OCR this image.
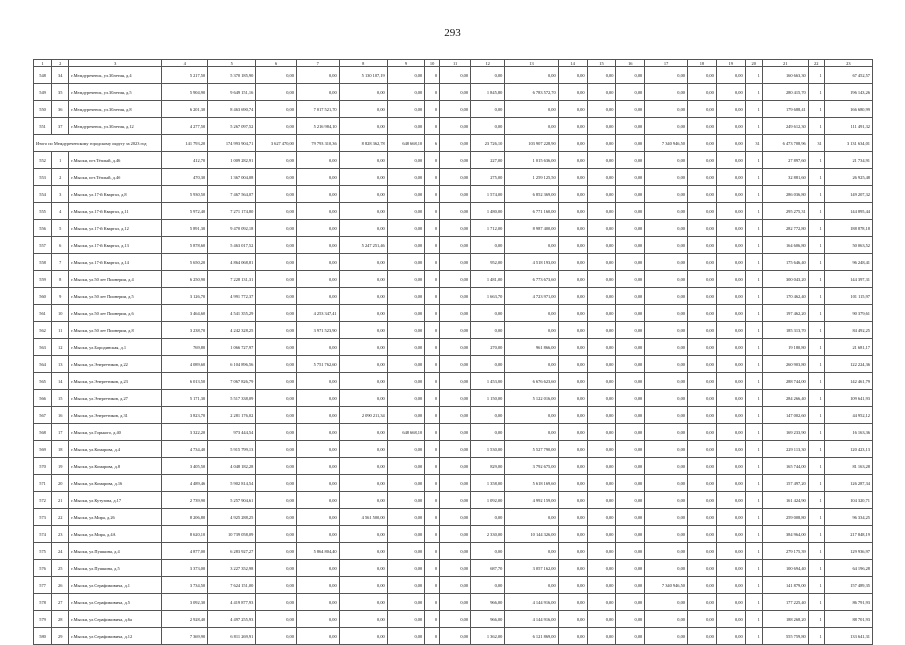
293
1	2	3	4	5	6	7	8	9	10	11	12	13	14	15	16	17	18	19	20	21	22	23
548	34	г.Междуреченск, ул.30летия, д.4	5 217,50	5 370 185,90	0,00	0,00	5 130 107,19	0,00	0	0,00	0,00	0,00	0,00	0,00	0,00	0,00	0,00	0,00	1	160 663,30	1	67 452,57
549	35	г.Междуреченск, ул.30летия, д.5	5 904,90	9 649 151,16	0,00	0,00	0,00	0,00	0	0,00	1 845,80	6 783 572,70	0,00	0,00	0,00	0,00	0,00	0,00	1	280 415,70	1	196 143,26
550	36	г.Междуреченск, ул.30летия, д.8	6 201,30	8 463 690,74	0,00	7 017 521,70	0,00	0,00	0	0,00	0,00	0,00	0,00	0,00	0,00	0,00	0,00	0,00	1	179 688,41	1	166 680,99
551	37	г.Междуреченск, ул.30летия, д.12	4 277,50	5 267 097,52	0,00	5 216 984,10	0,00	0,00	0	0,00	0,00	0,00	0,00	0,00	0,00	0,00	0,00	0,00	1	249 612,30	1	111 491,32
Итого по Междуреченскому городскому округу за 2023 год			141 793,20	174 993 904,71	3 627 470,00	79 793 310,36	8 828 362,78	648 668,10	6	0,00	23 726,10	103 907 228,90	0,00	0,00	0,00	7 340 946,50	0,00	0,00	31	6 473 708,96	31	3 131 634,01
552	1	г.Мыски, пгт.Тёплый, д.46	412,70	1 009 282,91	0,00	0,00	0,00	0,00	0	0,00	227,00	1 015 636,00	0,00	0,00	0,00	0,00	0,00	0,00	1	27 897,60	1	21 734,91
553	2	г.Мыски, пгт.Тёплый, д.4б	470,30	1 367 004,08	0,00	0,00	0,00	0,00	0	0,00	275,00	1 259 125,50	0,00	0,00	0,00	0,00	0,00	0,00	1	32 881,60	1	26 925,48
554	3	г.Мыски, ул.17-й Квартал, д.8	5 930,50	7 467 564,07	0,00	0,00	0,00	0,00	0	0,00	1 574,00	6 852 369,00	0,00	0,00	0,00	0,00	0,00	0,00	1	286 036,80	1	149 207,32
555	4	г.Мыски, ул.17-й Квартал, д.11	5 972,40	7 271 174,80	0,00	0,00	0,00	0,00	0	0,00	1 480,00	6 771 160,00	0,00	0,00	0,00	0,00	0,00	0,00	1	295 275,31	1	144 895,44
556	5	г.Мыски, ул.17-й Квартал, д.12	5 891,30	9 470 092,18	0,00	0,00	0,00	0,00	0	0,00	1 712,00	8 987 400,00	0,00	0,00	0,00	0,00	0,00	0,00	1	282 772,80	1	188 878,18
557	6	г.Мыски, ул.17-й Квартал, д.13	5 878,60	5 463 017,52	0,00	0,00	5 247 251,46	0,00	0	0,00	0,00	0,00	0,00	0,00	0,00	0,00	0,00	0,00	1	164 606,80	1	50 063,52
558	7	г.Мыски, ул.17-й Квартал, д.14	5 650,20	4 864 068,81	0,00	0,00	0,00	0,00	0	0,00	952,00	4 518 193,00	0,00	0,00	0,00	0,00	0,00	0,00	1	175 646,40	1	96 248,41
559	8	г.Мыски, ул.50 лет Пионерии, д.4	6 250,90	7 228 131,31	0,00	0,00	0,00	0,00	0	0,00	1 481,00	6 773 673,60	0,00	0,00	0,00	0,00	0,00	0,00	1	300 043,20	1	144 397,31
560	9	г.Мыски, ул.50 лет Пионерии, д.5	3 126,70	4 991 772,37	0,00	0,00	0,00	0,00	0	0,00	1 663,70	4 723 971,00	0,00	0,00	0,00	0,00	0,00	0,00	1	170 462,40	1	101 115,97
561	10	г.Мыски, ул.50 лет Пионерии, д.6	3 464,60	4 541 355,29	0,00	4 253 347,41	0,00	0,00	0	0,00	0,00	0,00	0,00	0,00	0,00	0,00	0,00	0,00	1	197 462,20	1	90 379,61
562	11	г.Мыски, ул.50 лет Пионерии, д.8	3 238,70	4 242 328,25	0,00	3 971 523,90	0,00	0,00	0	0,00	0,00	0,00	0,00	0,00	0,00	0,00	0,00	0,00	1	185 313,70	1	84 492,25
563	12	г.Мыски, ул.Бородинская, д.1	769,80	1 066 727,97	0,00	0,00	0,00	0,00	0	0,00	270,00	961 866,00	0,00	0,00	0,00	0,00	0,00	0,00	1	19 180,80	1	21 681,17
564	13	г.Мыски, ул.Энергетиков, д.22	4 089,60	6 104 896,56	0,00	5 751 762,60	0,00	0,00	0	0,00	0,00	0,00	0,00	0,00	0,00	0,00	0,00	0,00	1	260 903,80	1	122 224,36
565	14	г.Мыски, ул.Энергетиков, д.23	6 013,50	7 067 826,79	0,00	0,00	0,00	0,00	0	0,00	1 453,00	6 676 623,60	0,00	0,00	0,00	0,00	0,00	0,00	1	288 744,00	1	142 461,79
566	15	г.Мыски, ул.Энергетиков, д.27	5 171,30	5 517 338,09	0,00	0,00	0,00	0,00	0	0,00	1 150,00	5 122 016,00	0,00	0,00	0,00	0,00	0,00	0,00	1	284 266,40	1	109 641,93
567	16	г.Мыски, ул.Энергетиков, д.31	3 823,70	2 281 176,02	0,00	0,00	2 090 211,34	0,00	0	0,00	0,00	0,00	0,00	0,00	0,00	0,00	0,00	0,00	1	147 002,60	1	44 952,12
568	17	г.Мыски, ул.Горького, д.40	3 322,20	973 444,54	0,00	0,00	0,00	648 668,10	0	0,00	0,00	0,00	0,00	0,00	0,00	0,00	0,00	0,00	1	169 233,90	1	16 163,36
569	18	г.Мыски, ул.Комарова, д.4	4 734,40	5 915 799,13	0,00	0,00	0,00	0,00	0	0,00	1 530,00	5 527 790,00	0,00	0,00	0,00	0,00	0,00	0,00	1	229 113,30	1	120 423,13
570	19	г.Мыски, ул.Комарова, д.8	3 405,50	4 048 182,28	0,00	0,00	0,00	0,00	0	0,00	829,00	3 792 675,00	0,00	0,00	0,00	0,00	0,00	0,00	1	165 744,00	1	81 163,28
571	20	г.Мыски, ул.Комарова, д.16	4 489,46	5 902 814,54	0,00	0,00	0,00	0,00	0	0,00	1 358,00	5 618 169,60	0,00	0,00	0,00	0,00	0,00	0,00	1	157 497,20	1	126 287,34
572	21	г.Мыски, ул.Кутузова, д.17	2 739,90	5 257 904,61	0,00	0,00	0,00	0,00	0	0,00	1 092,00	4 992 159,00	0,00	0,00	0,00	0,00	0,00	0,00	1	161 424,90	1	104 320,71
573	22	г.Мыски, ул.Мира, д.26	8 206,80	4 925 288,25	0,00	0,00	4 561 500,00	0,00	0	0,00	0,00	0,00	0,00	0,00	0,00	0,00	0,00	0,00	1	259 008,80	1	96 334,25
574	23	г.Мыски, ул.Мира, д.4А	8 620,10	10 739 058,09	0,00	0,00	0,00	0,00	0	0,00	2 330,00	10 144 326,00	0,00	0,00	0,00	0,00	0,00	0,00	1	384 964,00	1	217 848,19
575	24	г.Мыски, ул.Пушкина, д.4	4 877,00	6 283 927,27	0,00	5 864 804,40	0,00	0,00	0	0,00	0,00	0,00	0,00	0,00	0,00	0,00	0,00	0,00	1	279 175,39	1	129 936,97
576	25	г.Мыски, ул.Пушкина, д.5	3 373,00	3 227 352,98	0,00	0,00	0,00	0,00	0	0,00	687,70	3 057 162,00	0,00	0,00	0,00	0,00	0,00	0,00	1	100 694,40	1	64 196,28
577	26	г.Мыски, ул.Серафимовича, д.1	3 734,50	7 624 151,00	0,00	0,00	0,00	0,00	0	0,00	0,00	0,00	0,00	0,00	0,00	7 340 946,50	0,00	0,00	1	141 879,00	1	157 489,35
578	27	г.Мыски, ул.Серафимовича, д.5	3 092,30	4 419 877,93	0,00	0,00	0,00	0,00	0	0,00	966,00	4 144 916,00	0,00	0,00	0,00	0,00	0,00	0,00	1	177 225,40	1	86 791,93
579	28	г.Мыски, ул.Серафимовича, д.6а	2 928,40	4 497 255,93	0,00	0,00	0,00	0,00	0	0,00	966,00	4 144 916,00	0,00	0,00	0,00	0,00	0,00	0,00	1	188 268,20	1	88 701,93
580	29	г.Мыски, ул.Серафимовича, д.12	7 369,90	6 811 269,91	0,00	0,00	0,00	0,00	0	0,00	1 362,00	6 121 869,00	0,00	0,00	0,00	0,00	0,00	0,00	1	555 759,80	1	133 641,31
